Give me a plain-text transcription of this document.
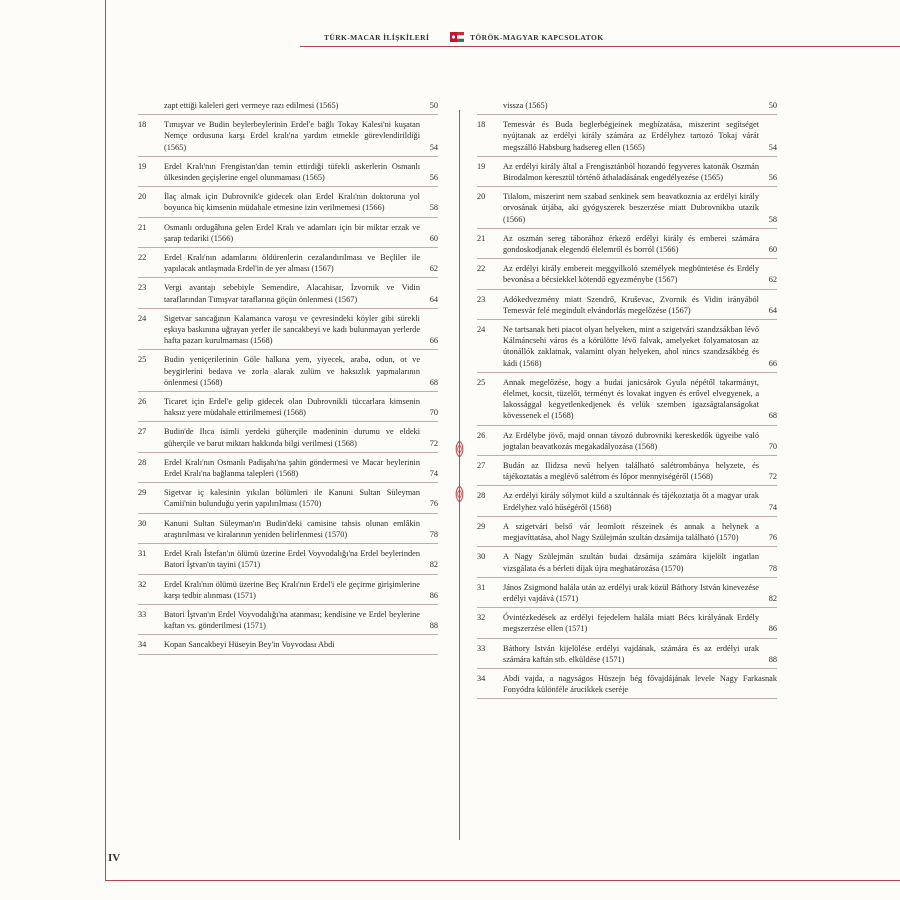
TÜRK-MACAR İLİŞKİLERİ	TÖRÖK-MAGYAR KAPCSOLATOK
zapt ettiği kaleleri geri vermeye razı edilmesi (1565)	50
18 Tımışvar ve Budin beylerbeylerinin Erdel'e bağlı Tokay Kalesi'ni kuşatan Nemçe ordusuna karşı Erdel kralı'na yardım etmekle görevlendirildiği (1565)	54
19 Erdel Kralı'nın Frengistan'dan temin ettirdiği tüfekli askerlerin Osmanlı ülkesinden geçişlerine engel olunmaması (1565)	56
20 İlaç almak için Dubrovnik'e gidecek olan Erdel Kralı'nın doktoruna yol boyunca hiç kimsenin müdahale etmesine izin verilmemesi (1566)	58
21 Osmanlı ordugâhına gelen Erdel Kralı ve adamları için bir miktar erzak ve şarap tedariki (1566)	60
22 Erdel Kralı'nın adamlarını öldürenlerin cezalandırılması ve Beçliler ile yapılacak antlaşmada Erdel'in de yer alması (1567)	62
23 Vergi avantajı sebebiyle Semendire, Alacahisar, İzvornik ve Vidin taraflarından Tımışvar taraflarına göçün önlenmesi (1567)	64
24 Sigetvar sancağının Kalamanca varoşu ve çevresindeki köyler gibi sürekli eşkıya baskınına uğrayan yerler ile sancakbeyi ve kadı bulunmayan yerlerde hafta pazarı kurulmaması (1568)	66
25 Budin yeniçerilerinin Göle halkına yem, yiyecek, araba, odun, ot ve beygirlerini bedava ve zorla alarak zulüm ve haksızlık yapmalarının önlenmesi (1568)	68
26 Ticaret için Erdel'e gelip gidecek olan Dubrovnikli tüccarlara kimsenin haksız yere müdahale ettirilmemesi (1568)	70
27 Budin'de Ilıca isimli yerdeki güherçile madeninin durumu ve eldeki güherçile ve barut miktarı hakkında bilgi verilmesi (1568)	72
28 Erdel Kralı'nın Osmanlı Padişahı'na şahin göndermesi ve Macar beylerinin Erdel Kralı'na bağlanma talepleri (1568)	74
29 Sigetvar iç kalesinin yıkılan bölümleri ile Kanuni Sultan Süleyman Camii'nin bulunduğu yerin yapılırılması (1570)	76
30 Kanuni Sultan Süleyman'ın Budin'deki camisine tahsis olunan emlâkin araştırılması ve kiralarının yeniden belirlenmesi (1570)	78
31 Erdel Kralı İstefan'ın ölümü üzerine Erdel Voyvodalığı'na Erdel beylerinden Batori İştvan'ın tayini (1571)	82
32 Erdel Kralı'nın ölümü üzerine Beç Kralı'nın Erdel'i ele geçirme girişimlerine karşı tedbir alınması (1571)	86
33 Batori İştvan'ın Erdel Voyvodalığı'na atanması; kendisine ve Erdel beylerine kaftan vs. gönderilmesi (1571)	88
34 Kopan Sancakbeyi Hüseyin Bey'in Voyvodası Abdi
vissza (1565)	50
18 Temesvár és Buda beglerbégjeinek megbízatása, miszerint segítséget nyújtanak az erdélyi király számára az Erdélyhez tartozó Tokaj várát megszálló Habsburg hadsereg ellen (1565)	54
19 Az erdélyi király által a Frengisztánból hozandó fegyveres katonák Oszmán Birodalmon keresztül történő áthaladásának engedélyezése (1565)	56
20 Tilalom, miszerint nem szabad senkinek sem beavatkoznia az erdélyi király orvosának útjába, aki gyógyszerek beszerzése miatt Dubrovnikba utazik (1566)	58
21 Az oszmán sereg táborához érkező erdélyi király és emberei számára gondoskodjanak elegendő élelemről és borról (1566)	60
22 Az erdélyi király embereit meggyilkoló személyek megbüntetése és Erdély bevonása a bécsiekkel kötendő egyezménybe (1567)	62
23 Adókedvezmény miatt Szendrő, Kruševac, Zvornik és Vidin irányából Temesvár felé megindult elvándorlás megelőzése (1567)	64
24 Ne tartsanak heti piacot olyan helyeken, mint a szigetvári szandzsákban lévő Kálmáncsehi város és a körülötte lévő falvak, amelyeket folyamatosan az útonállók zaklatnak, valamint olyan helyeken, ahol nincs szandzsákbég és kádi (1568)	66
25 Annak megelőzése, hogy a budai janicsárok Gyula népétől takarmányt, élelmet, kocsit, tüzelőt, terményt és lovakat ingyen és erővel elvegyenek, a lakossággal kegyetlenkedjenek és velük szemben igazságtalanságokat kövessenek el (1568)	68
26 Az Erdélybe jövő, majd onnan távozó dubrovniki kereskedők ügyeibe való jogtalan beavatkozás megakadályozása (1568)	70
27 Budán az Ilidzsa nevű helyen található salétrombánya helyzete, és tájékoztatás a meglévő salétrom és lőpor mennyiségéről (1568)	72
28 Az erdélyi király sólymot küld a szultánnak és tájékoztatja őt a magyar urak Erdélyhez való hűségéről (1568)	74
29 A szigetvári belső vár leomlott részeinek és annak a helynek a megjavíttatása, ahol Nagy Szülejmán szultán dzsámija található (1570)	76
30 A Nagy Szülejmán szultán budai dzsámija számára kijelölt ingatlan vizsgálata és a bérleti díjak újra meghatározása (1570)	78
31 János Zsigmond halála után az erdélyi urak közül Báthory István kinevezése erdélyi vajdává (1571)	82
32 Óvintézkedések az erdélyi fejedelem halála miatt Bécs királyának Erdély megszerzése ellen (1571)	86
33 Báthory István kijelölése erdélyi vajdának, számára és az erdélyi urak számára kaftán stb. elküldése (1571)	88
34 Abdi vajda, a nagyságos Hüszejn bég fővajdájának levele Nagy Farkasnak Fonyódra különféle árucikkek cseréje
IV
